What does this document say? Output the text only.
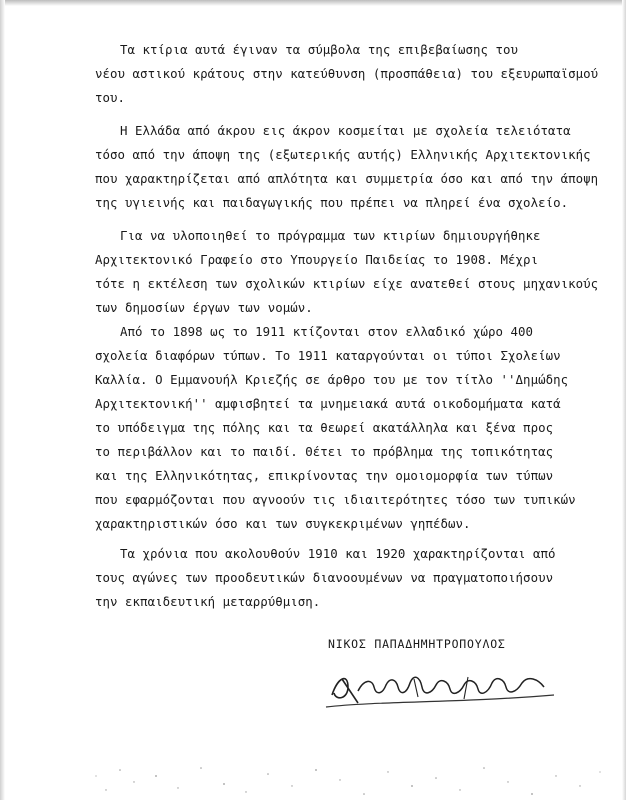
Τα κτίρια αυτά έγιναν τα σύμβολα της επιβεβαίωσης του
νέου αστικού κράτους στην κατεύθυνση (προσπάθεια) του εξευρωπαϊσμού
του.
Η Ελλάδα από άκρου εις άκρον κοσμείται με σχολεία τελειότατα
τόσο από την άποψη της (εξωτερικής αυτής) Ελληνικής Αρχιτεκτονικής
που χαρακτηρίζεται από απλότητα και συμμετρία όσο και από την άποψη
της υγιεινής και παιδαγωγικής που πρέπει να πληρεί ένα σχολείο.
Για να υλοποιηθεί το πρόγραμμα των κτιρίων δημιουργήθηκε
Αρχιτεκτονικό Γραφείο στο Υπουργείο Παιδείας το 1908. Μέχρι
τότε η εκτέλεση των σχολικών κτιρίων είχε ανατεθεί στους μηχανικούς
των δημοσίων έργων των νομών.
Από το 1898 ως το 1911 κτίζονται στον ελλαδικό χώρο 400
σχολεία διαφόρων τύπων. Το 1911 καταργούνται οι τύποι Σχολείων
Καλλία. Ο Εμμανουήλ Κριεζής σε άρθρο του με τον τίτλο ''Δημώδης
Αρχιτεκτονική'' αμφισβητεί τα μνημειακά αυτά οικοδομήματα κατά
το υπόδειγμα της πόλης και τα θεωρεί ακατάλληλα και ξένα προς
το περιβάλλον και το παιδί. Θέτει το πρόβλημα της τοπικότητας
και της Ελληνικότητας, επικρίνοντας την ομοιομορφία των τύπων
που εφαρμόζονται που αγνοούν τις ιδιαιτερότητες τόσο των τυπικών
χαρακτηριστικών όσο και των συγκεκριμένων γηπέδων.
Τα χρόνια που ακολουθούν 1910 και 1920 χαρακτηρίζονται από
τους αγώνες των προοδευτικών διανοουμένων να πραγματοποιήσουν
την εκπαιδευτική μεταρρύθμιση.
ΝΙΚΟΣ ΠΑΠΑΔΗΜΗΤΡΟΠΟΥΛΟΣ
